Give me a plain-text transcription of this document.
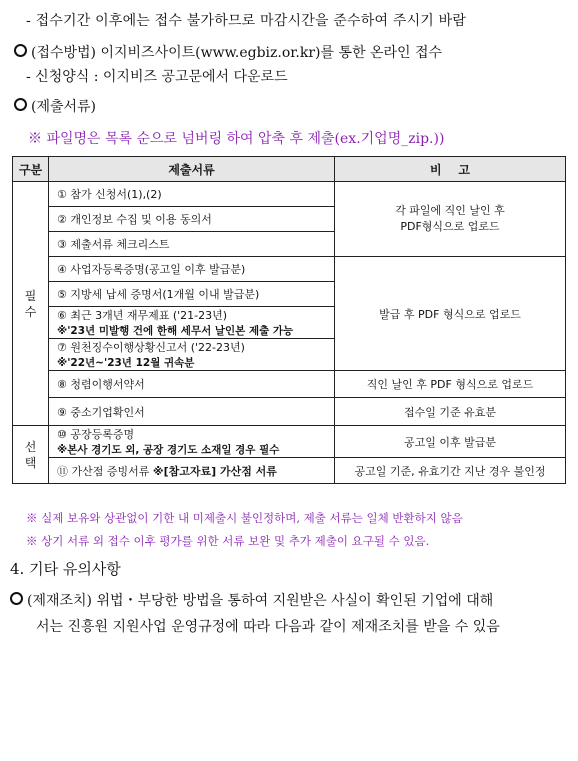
- 접수기간 이후에는 접수 불가하므로 마감시간을 준수하여 주시기 바람
(접수방법) 이지비즈사이트(www.egbiz.or.kr)를 통한 온라인 접수
- 신청양식 : 이지비즈 공고문에서 다운로드
(제출서류)
※ 파일명은 목록 순으로 넘버링 하여 압축 후 제출(ex.기업명_zip.))
구분	제출서류	비    고
필
수	① 참가 신청서(1),(2)	각 파일에 직인 날인 후
PDF형식으로 업로드
	② 개인정보 수집 및 이용 동의서	
	③ 제출서류 체크리스트	
	④ 사업자등록증명(공고일 이후 발급분)	발급 후 PDF 형식으로 업로드
	⑤ 지방세 납세 증명서(1개월 이내 발급분)	
	⑥ 최근 3개년 재무제표 ('21-23년)
※'23년 미발행 건에 한해 세무서 날인본 제출 가능	

	⑦ 원천징수이행상황신고서 ('22-23년)
※'22년~'23년 12월 귀속분	

	⑧ 청렴이행서약서	직인 날인 후 PDF 형식으로 업로드
	⑨ 중소기업확인서	접수일 기준 유효분
선
택	⑩ 공장등록증명
※본사 경기도 외, 공장 경기도 소재일 경우 필수	공고일 이후 발급분
	⑪ 가산점 증빙서류 ※[참고자료] 가산점 서류	공고일 기준, 유효기간 지난 경우 불인정
※ 실제 보유와 상관없이 기한 내 미제출시 불인정하며, 제출 서류는 일체 반환하지 않음
※ 상기 서류 외 접수 이후 평가를 위한 서류 보완 및 추가 제출이 요구될 수 있음.
4. 기타 유의사항
(제재조치) 위법・부당한 방법을 통하여 지원받은 사실이 확인된 기업에 대해
서는 진흥원 지원사업 운영규정에 따라 다음과 같이 제재조치를 받을 수 있음
